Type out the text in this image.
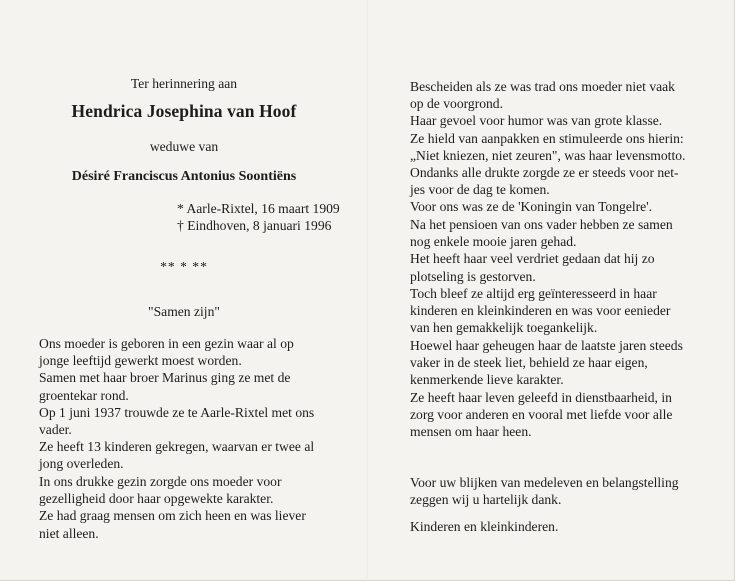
Ter herinnering aan
Hendrica Josephina van Hoof
weduwe van
Désiré Franciscus Antonius Soontiëns
* Aarle-Rixtel, 16 maart 1909
† Eindhoven, 8 januari 1996
** * **
"Samen zijn"
Ons moeder is geboren in een gezin waar al op
jonge leeftijd gewerkt moest worden.
Samen met haar broer Marinus ging ze met de
groentekar rond.
Op 1 juni 1937 trouwde ze te Aarle-Rixtel met ons
vader.
Ze heeft 13 kinderen gekregen, waarvan er twee al
jong overleden.
In ons drukke gezin zorgde ons moeder voor
gezelligheid door haar opgewekte karakter.
Ze had graag mensen om zich heen en was liever
niet alleen.
Bescheiden als ze was trad ons moeder niet vaak
op de voorgrond.
Haar gevoel voor humor was van grote klasse.
Ze hield van aanpakken en stimuleerde ons hierin:
„Niet kniezen, niet zeuren", was haar levensmotto.
Ondanks alle drukte zorgde ze er steeds voor net-
jes voor de dag te komen.
Voor ons was ze de 'Koningin van Tongelre'.
Na het pensioen van ons vader hebben ze samen
nog enkele mooie jaren gehad.
Het heeft haar veel verdriet gedaan dat hij zo
plotseling is gestorven.
Toch bleef ze altijd erg geïnteresseerd in haar
kinderen en kleinkinderen en was voor eenieder
van hen gemakkelijk toegankelijk.
Hoewel haar geheugen haar de laatste jaren steeds
vaker in de steek liet, behield ze haar eigen,
kenmerkende lieve karakter.
Ze heeft haar leven geleefd in dienstbaarheid, in
zorg voor anderen en vooral met liefde voor alle
mensen om haar heen.
Voor uw blijken van medeleven en belangstelling
zeggen wij u hartelijk dank.
Kinderen en kleinkinderen.
